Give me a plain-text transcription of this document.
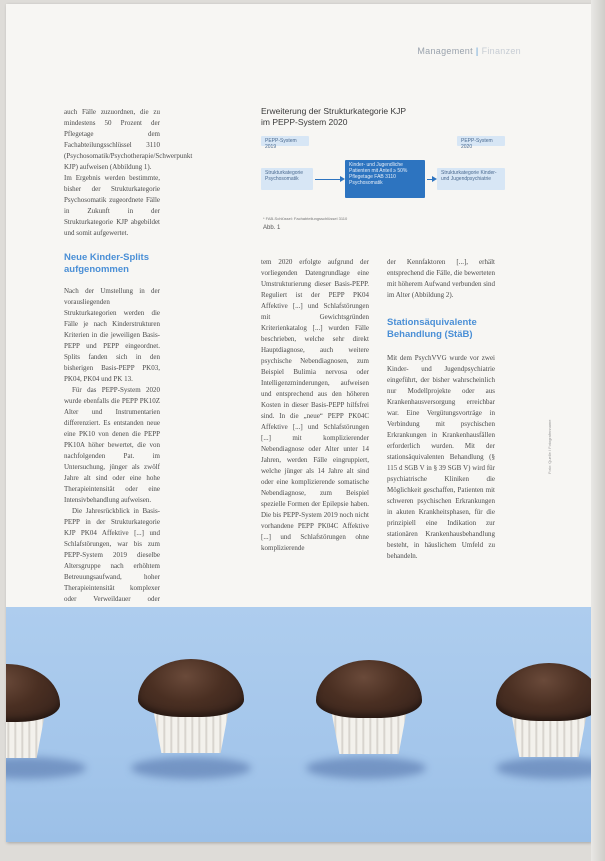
Management | Finanzen

auch Fälle zuzuordnen, die zu mindestens 50 Prozent der Pflegetage dem Fachabteilungsschlüssel 3110 (Psychosomatik/Psychotherapie/Schwerpunkt KJP) aufweisen (Abbildung 1).

Im Ergebnis werden bestimmte, bisher der Strukturkategorie Psychosomatik zugeordnete Fälle in Zukunft in der Strukturkategorie KJP abgebildet und somit aufgewertet.

Neue Kinder-Splits aufgenommen

Nach der Umstellung in der vorausliegenden Strukturkategorien werden die Fälle je nach Kinderstrukturen Kriterien in die jeweiligen Basis-PEPP und PEPP eingeordnet. Splits fanden sich in den bisherigen Basis-PEPP PK03, PK04, PK04 und PK 13.

Für das PEPP-System 2020 wurde ebenfalls die PEPP PK10Z Alter und Instrumentarien differenziert. Es entstanden neue eine PK10 von denen die PEPP PK10A höher bewertet, die von nachfolgenden Pat. im Untersuchung, jünger als zwölf Jahre alt sind oder eine hohe Therapieintensität oder eine Intensivbehandlung aufweisen.

Die Jahresrückblick in Basis-PEPP in der Strukturkategorie KJP PK04 Affektive [...] und Schlafstörungen, war bis zum PEPP-System 2019 dieselbe Altersgruppe nach erhöhtem Betreuungsaufwand, hoher Therapieintensität komplexer oder Verweildauer oder

Erweiterung der Strukturkategorie KJP

im PEPP-System 2020

PEPP-System 2019
PEPP-System 2020
Strukturkategorie Psychosomatik
Kinder- und Jugendliche Patienten mit Anteil ≥ 50% Pflegetage FAB 3110 Psychosomatik
Strukturkategorie Kinder- und Jugendpsychiatrie
* FAB-Schlüssel: Fachabteilungsschlüssel 3110
Abb. 1

tem 2020 erfolgte aufgrund der vorliegenden Datengrundlage eine Umstrukturierung dieser Basis-PEPP. Reguliert ist der PEPP PK04 Affektive [...] und Schlafstörungen mit Gewichtsgründen Kriterienkatalog [...] wurden Fälle beschrieben, welche sehr direkt Hauptdiagnose, auch weitere psychische Nebendiagnosen, zum Beispiel Bulimia nervosa oder Intelligenzminderungen, aufweisen und entsprechend aus den höheren Kosten in dieser Basis-PEPP hilfsfrei sind. In die „neue“ PEPP PK04C Affektive [...] und Schlafstörungen [...] mit komplizierender Nebendiagnose oder Alter unter 14 Jahren, werden Fälle eingruppiert, welche jünger als 14 Jahre alt sind oder eine komplizierende somatische Nebendiagnose, zum Beispiel spezielle Formen der Epilepsie haben. Die bis PEPP-System 2019 noch nicht vorhandene PEPP PK04C Affektive [...] und Schlafstörungen ohne komplizierende

der Kennfaktoren [...], erhält entsprechend die Fälle, die bewerteten mit höherem Aufwand verbunden sind im Alter (Abbildung 2).

Stationsäquivalente Behandlung (StäB)

Mit dem PsychVVG wurde vor zwei Kinder- und Jugendpsychiatrie eingeführt, der bisher wahrscheinlich nur Modellprojekte oder aus Krankenhausversorgung erreichbar war. Eine Vergütungsvorträge in Verbindung mit psychischen Erkrankungen in Krankenhausfällen erforderlich wurden. Mit der stationsäquivalenten Behandlung (§ 115 d SGB V in § 39 SGB V) wird für psychiatrische Kliniken die Möglichkeit geschaffen, Patienten mit schweren psychischen Erkrankungen in akuten Krankheitsphasen, für die prinzipiell eine Indikation zur stationären Krankenhausbehandlung besteht, in häuslichem Umfeld zu behandeln.

Foto: Quelle / Fotografenname
